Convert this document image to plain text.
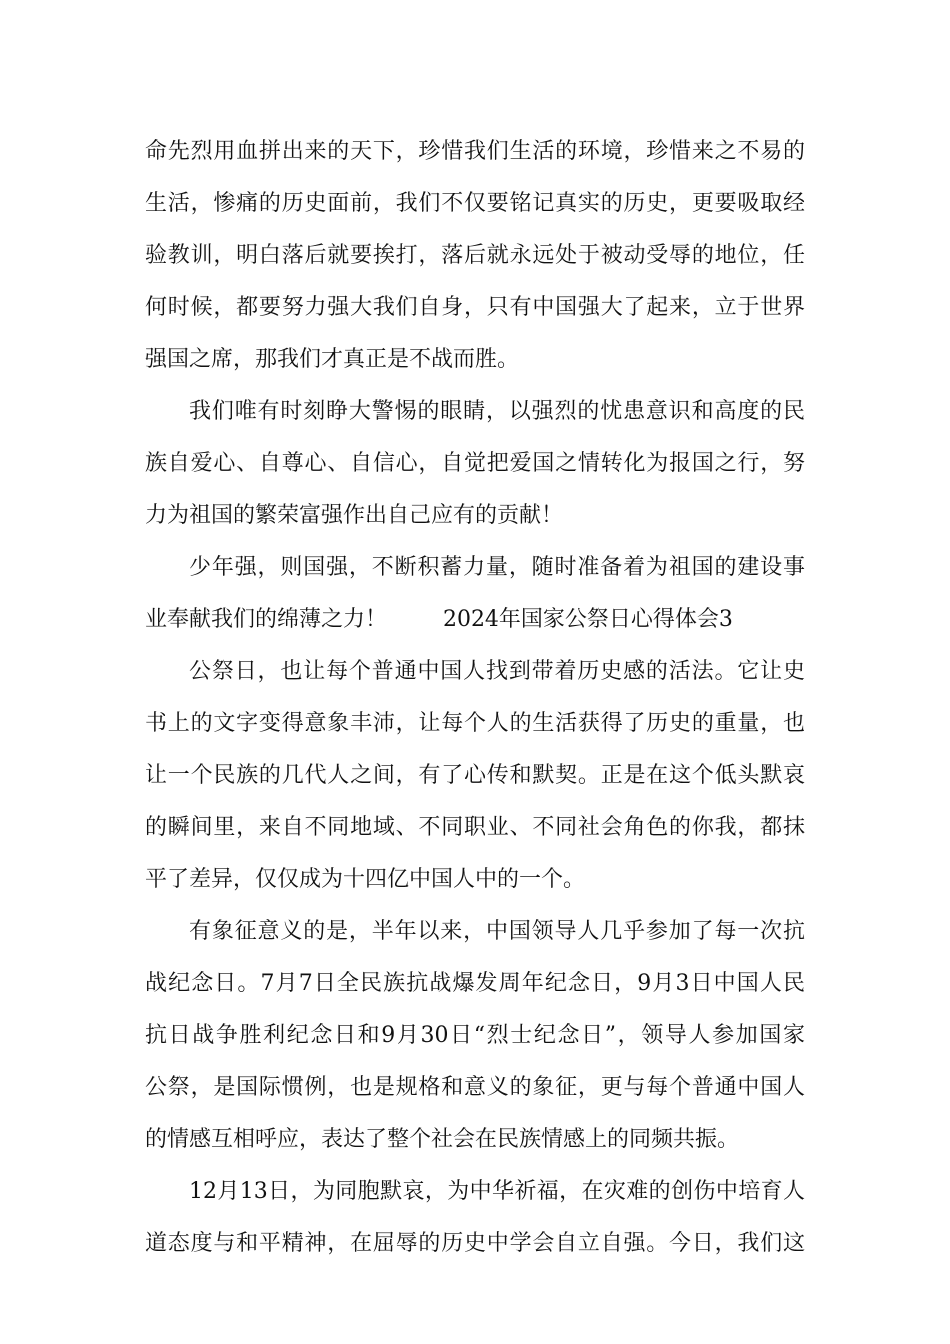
命先烈用血拼出来的天下，珍惜我们生活的环境，珍惜来之不易的
生活，惨痛的历史面前，我们不仅要铭记真实的历史，更要吸取经
验教训，明白落后就要挨打，落后就永远处于被动受辱的地位，任
何时候，都要努力强大我们自身，只有中国强大了起来，立于世界
强国之席，那我们才真正是不战而胜。
我们唯有时刻睁大警惕的眼睛，以强烈的忧患意识和高度的民
族自爱心、自尊心、自信心，自觉把爱国之情转化为报国之行，努
力为祖国的繁荣富强作出自己应有的贡献！
少年强，则国强，不断积蓄力量，随时准备着为祖国的建设事
业奉献我们的绵薄之力！        2024年国家公祭日心得体会3
公祭日，也让每个普通中国人找到带着历史感的活法。它让史
书上的文字变得意象丰沛，让每个人的生活获得了历史的重量，也
让一个民族的几代人之间，有了心传和默契。正是在这个低头默哀
的瞬间里，来自不同地域、不同职业、不同社会角色的你我，都抹
平了差异，仅仅成为十四亿中国人中的一个。
有象征意义的是，半年以来，中国领导人几乎参加了每一次抗
战纪念日。7月7日全民族抗战爆发周年纪念日，9月3日中国人民
抗日战争胜利纪念日和9月30日“烈士纪念日”，领导人参加国家
公祭，是国际惯例，也是规格和意义的象征，更与每个普通中国人
的情感互相呼应，表达了整个社会在民族情感上的同频共振。
12月13日，为同胞默哀，为中华祈福，在灾难的创伤中培育人
道态度与和平精神，在屈辱的历史中学会自立自强。今日，我们这
